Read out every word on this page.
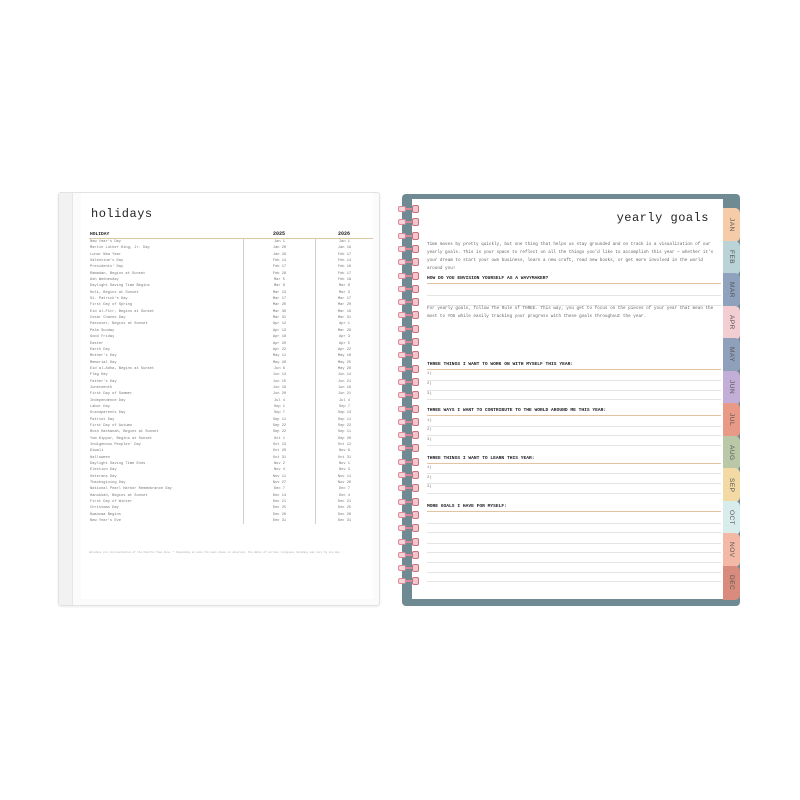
holidays
HOLIDAY	2025	2026
New Year's Day	Jan 1	Jan 1
Martin Luther King, Jr. Day	Jan 20	Jan 19
Lunar New Year	Jan 29	Feb 17
Valentine's Day	Feb 14	Feb 14
Presidents' Day	Feb 17	Feb 16
Ramadan, Begins at Sunset	Feb 28	Feb 17
Ash Wednesday	Mar 5	Feb 18
Daylight Saving Time Begins	Mar 9	Mar 8
Holi, Begins at Sunset	Mar 13	Mar 3
St. Patrick's Day	Mar 17	Mar 17
First Day of Spring	Mar 20	Mar 20
Eid al-Fitr, Begins at Sunset	Mar 30	Mar 19
Cesar Chavez Day	Mar 31	Mar 31
Passover, Begins at Sunset	Apr 12	Apr 1
Palm Sunday	Apr 13	Mar 29
Good Friday	Apr 18	Apr 3
Easter	Apr 20	Apr 5
Earth Day	Apr 22	Apr 22
Mother's Day	May 11	May 10
Memorial Day	May 26	May 25
Eid al-Adha, Begins at Sunset	Jun 6	May 26
Flag Day	Jun 14	Jun 14
Father's Day	Jun 15	Jun 21
Juneteenth	Jun 19	Jun 19
First Day of Summer	Jun 20	Jun 21
Independence Day	Jul 4	Jul 4
Labor Day	Sep 1	Sep 7
Grandparents Day	Sep 7	Sep 13
Patriot Day	Sep 11	Sep 11
First Day of Autumn	Sep 22	Sep 22
Rosh Hashanah, Begins at Sunset	Sep 22	Sep 11
Yom Kippur, Begins at Sunset	Oct 1	Sep 20
Indigenous Peoples' Day	Oct 13	Oct 12
Diwali	Oct 20	Nov 8
Halloween	Oct 31	Oct 31
Daylight Saving Time Ends	Nov 2	Nov 1
Election Day	Nov 4	Nov 3
Veterans Day	Nov 11	Nov 11
Thanksgiving Day	Nov 27	Nov 26
National Pearl Harbor Remembrance Day	Dec 7	Dec 7
Hanukkah, Begins at Sunset	Dec 14	Dec 4
First Day of Winter	Dec 21	Dec 21
Christmas Day	Dec 25	Dec 25
Kwanzaa Begins	Dec 26	Dec 26
New Year's Eve	Dec 31	Dec 31
Holidays are representative of the Pacific Time Zone. * Depending on when the moon phase is observed, the dates of certain religious holidays may vary by one day.
JAN
FEB
MAR
APR
MAY
JUN
JUL
AUG
SEP
OCT
NOV
DEC
yearly goals
Time moves by pretty quickly, but one thing that helps us stay grounded and on track is a visualization of our yearly goals. This is your space to reflect on all the things you'd like to accomplish this year — whether it's your dream to start your own business, learn a new craft, read new books, or get more involved in the world around you!
HOW DO YOU ENVISION YOURSELF AS A WAVYMAKER?
For yearly goals, follow The Rule of THREE. This way, you get to focus on the pieces of your year that mean the most to YOU while easily tracking your progress with these goals throughout the year.
THREE THINGS I WANT TO WORK ON WITH MYSELF THIS YEAR:
1)
2)
3)
THREE WAYS I WANT TO CONTRIBUTE TO THE WORLD AROUND ME THIS YEAR:
1)
2)
3)
THREE THINGS I WANT TO LEARN THIS YEAR:
1)
2)
3)
MORE GOALS I HAVE FOR MYSELF:
